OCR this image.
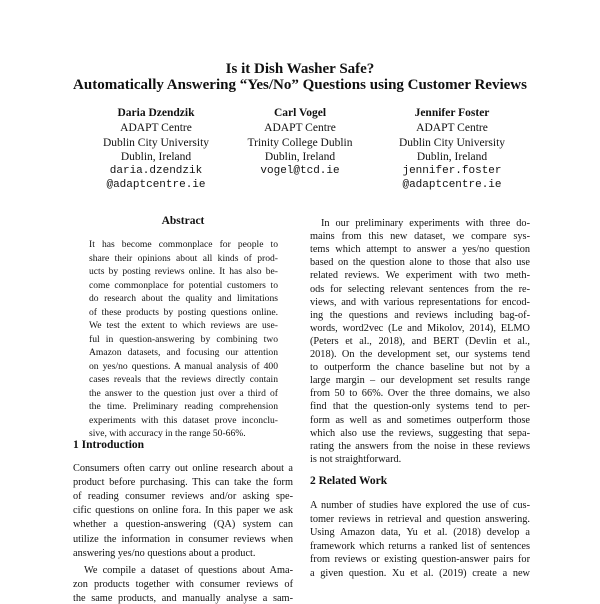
Is it Dish Washer Safe?
Automatically Answering “Yes/No” Questions using Customer Reviews
Daria Dzendzik
ADAPT Centre
Dublin City University
Dublin, Ireland
daria.dzendzik
@adaptcentre.ie
Carl Vogel
ADAPT Centre
Trinity College Dublin
Dublin, Ireland
vogel@tcd.ie
Jennifer Foster
ADAPT Centre
Dublin City University
Dublin, Ireland
jennifer.foster
@adaptcentre.ie
Abstract
It has become commonplace for people to
share their opinions about all kinds of prod-
ucts by posting reviews online. It has also be-
come commonplace for potential customers to
do research about the quality and limitations
of these products by posting questions online.
We test the extent to which reviews are use-
ful in question-answering by combining two
Amazon datasets, and focusing our attention
on yes/no questions. A manual analysis of 400
cases reveals that the reviews directly contain
the answer to the question just over a third of
the time. Preliminary reading comprehension
experiments with this dataset prove inconclu-
sive, with accuracy in the range 50-66%.
1 Introduction
Consumers often carry out online research about a
product before purchasing. This can take the form
of reading consumer reviews and/or asking spe-
cific questions on online fora. In this paper we ask
whether a question-answering (QA) system can
utilize the information in consumer reviews when
answering yes/no questions about a product.
We compile a dataset of questions about Ama-
zon products together with consumer reviews of
the same products, and manually analyse a sam-
In our preliminary experiments with three do-
mains from this new dataset, we compare sys-
tems which attempt to answer a yes/no question
based on the question alone to those that also use
related reviews. We experiment with two meth-
ods for selecting relevant sentences from the re-
views, and with various representations for encod-
ing the questions and reviews including bag-of-
words, word2vec (Le and Mikolov, 2014), ELMO
(Peters et al., 2018), and BERT (Devlin et al.,
2018). On the development set, our systems tend
to outperform the chance baseline but not by a
large margin – our development set results range
from 50 to 66%. Over the three domains, we also
find that the question-only systems tend to per-
form as well as and sometimes outperform those
which also use the reviews, suggesting that sepa-
rating the answers from the noise in these reviews
is not straightforward.
2 Related Work
A number of studies have explored the use of cus-
tomer reviews in retrieval and question answering.
Using Amazon data, Yu et al. (2018) develop a
framework which returns a ranked list of sentences
from reviews or existing question-answer pairs for
a given question. Xu et al. (2019) create a new
